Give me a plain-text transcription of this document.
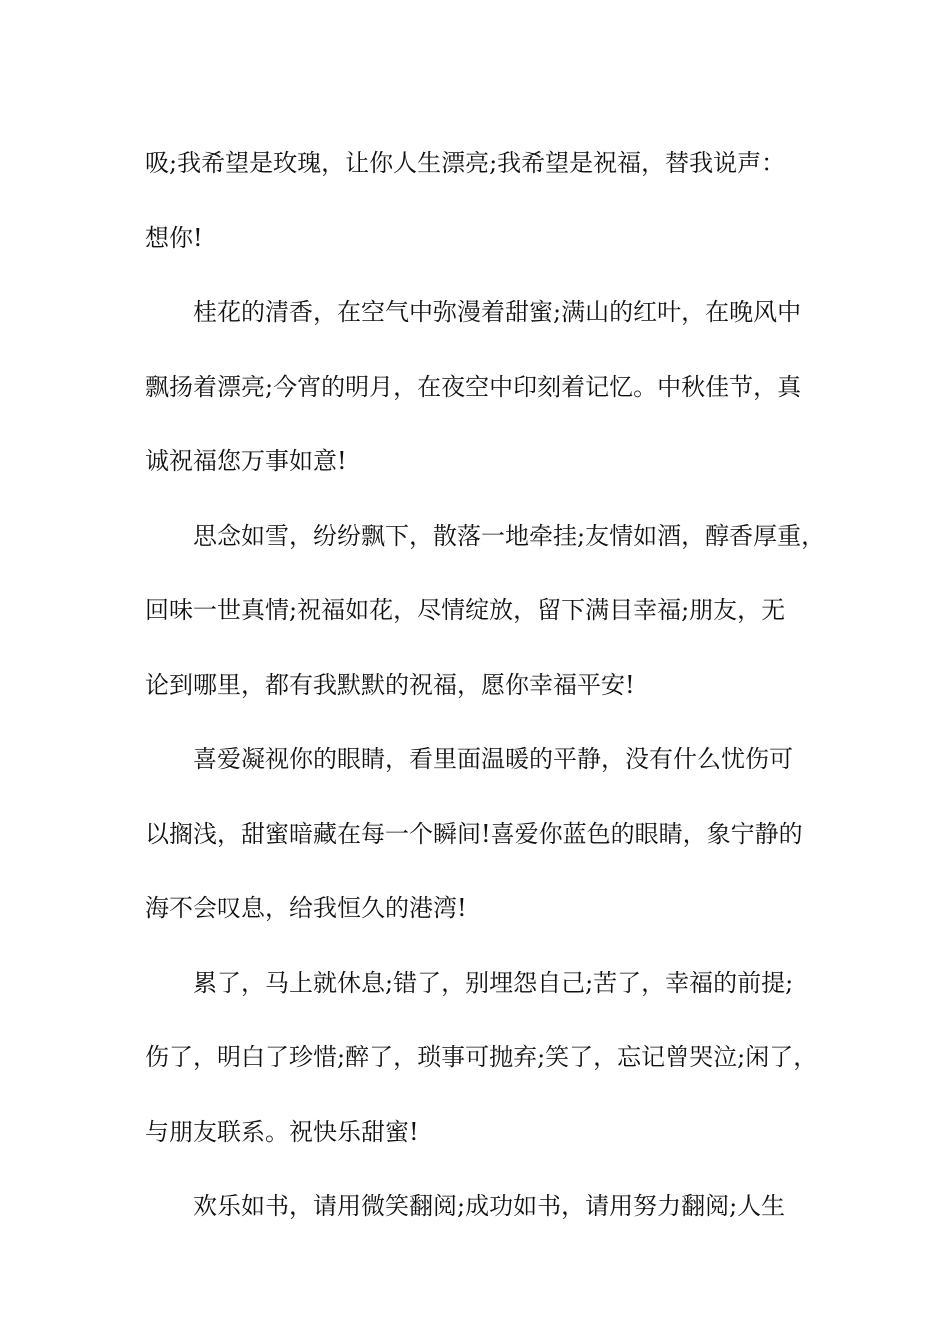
吸;我希望是玫瑰，让你人生漂亮;我希望是祝福，替我说声：
想你!
桂花的清香，在空气中弥漫着甜蜜;满山的红叶，在晚风中
飘扬着漂亮;今宵的明月，在夜空中印刻着记忆。中秋佳节，真
诚祝福您万事如意!
思念如雪，纷纷飘下，散落一地牵挂;友情如酒，醇香厚重，
回味一世真情;祝福如花，尽情绽放，留下满目幸福;朋友，无
论到哪里，都有我默默的祝福，愿你幸福平安!
喜爱凝视你的眼睛，看里面温暖的平静，没有什么忧伤可
以搁浅，甜蜜暗藏在每一个瞬间!喜爱你蓝色的眼睛，象宁静的
海不会叹息，给我恒久的港湾!
累了，马上就休息;错了，别埋怨自己;苦了，幸福的前提;
伤了，明白了珍惜;醉了，琐事可抛弃;笑了，忘记曾哭泣;闲了，
与朋友联系。祝快乐甜蜜!
欢乐如书，请用微笑翻阅;成功如书，请用努力翻阅;人生
